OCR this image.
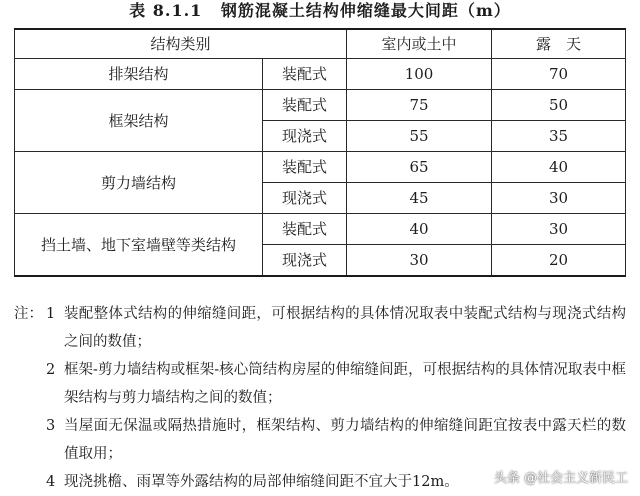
表 8.1.1 钢筋混凝土结构伸缩缝最大间距（m）
结构类别		室内或土中	露　天
排架结构	装配式	100	70
框架结构	装配式	75	50
	现浇式	55	35
剪力墙结构	装配式	65	40
	现浇式	45	30
挡土墙、地下室墙壁等类结构	装配式	40	30
	现浇式	30	20
注： 1 装配整体式结构的伸缩缝间距，可根据结构的具体情况取表中装配式结构与现浇式结构之间的数值；
2 框架-剪力墙结构或框架-核心筒结构房屋的伸缩缝间距，可根据结构的具体情况取表中框架结构与剪力墙结构之间的数值；
3 当屋面无保温或隔热措施时，框架结构、剪力墙结构的伸缩缝间距宜按表中露天栏的数值取用；
4 现浇挑檐、雨罩等外露结构的局部伸缩缝间距不宜大于12m。	头条 @社会主义新民工
